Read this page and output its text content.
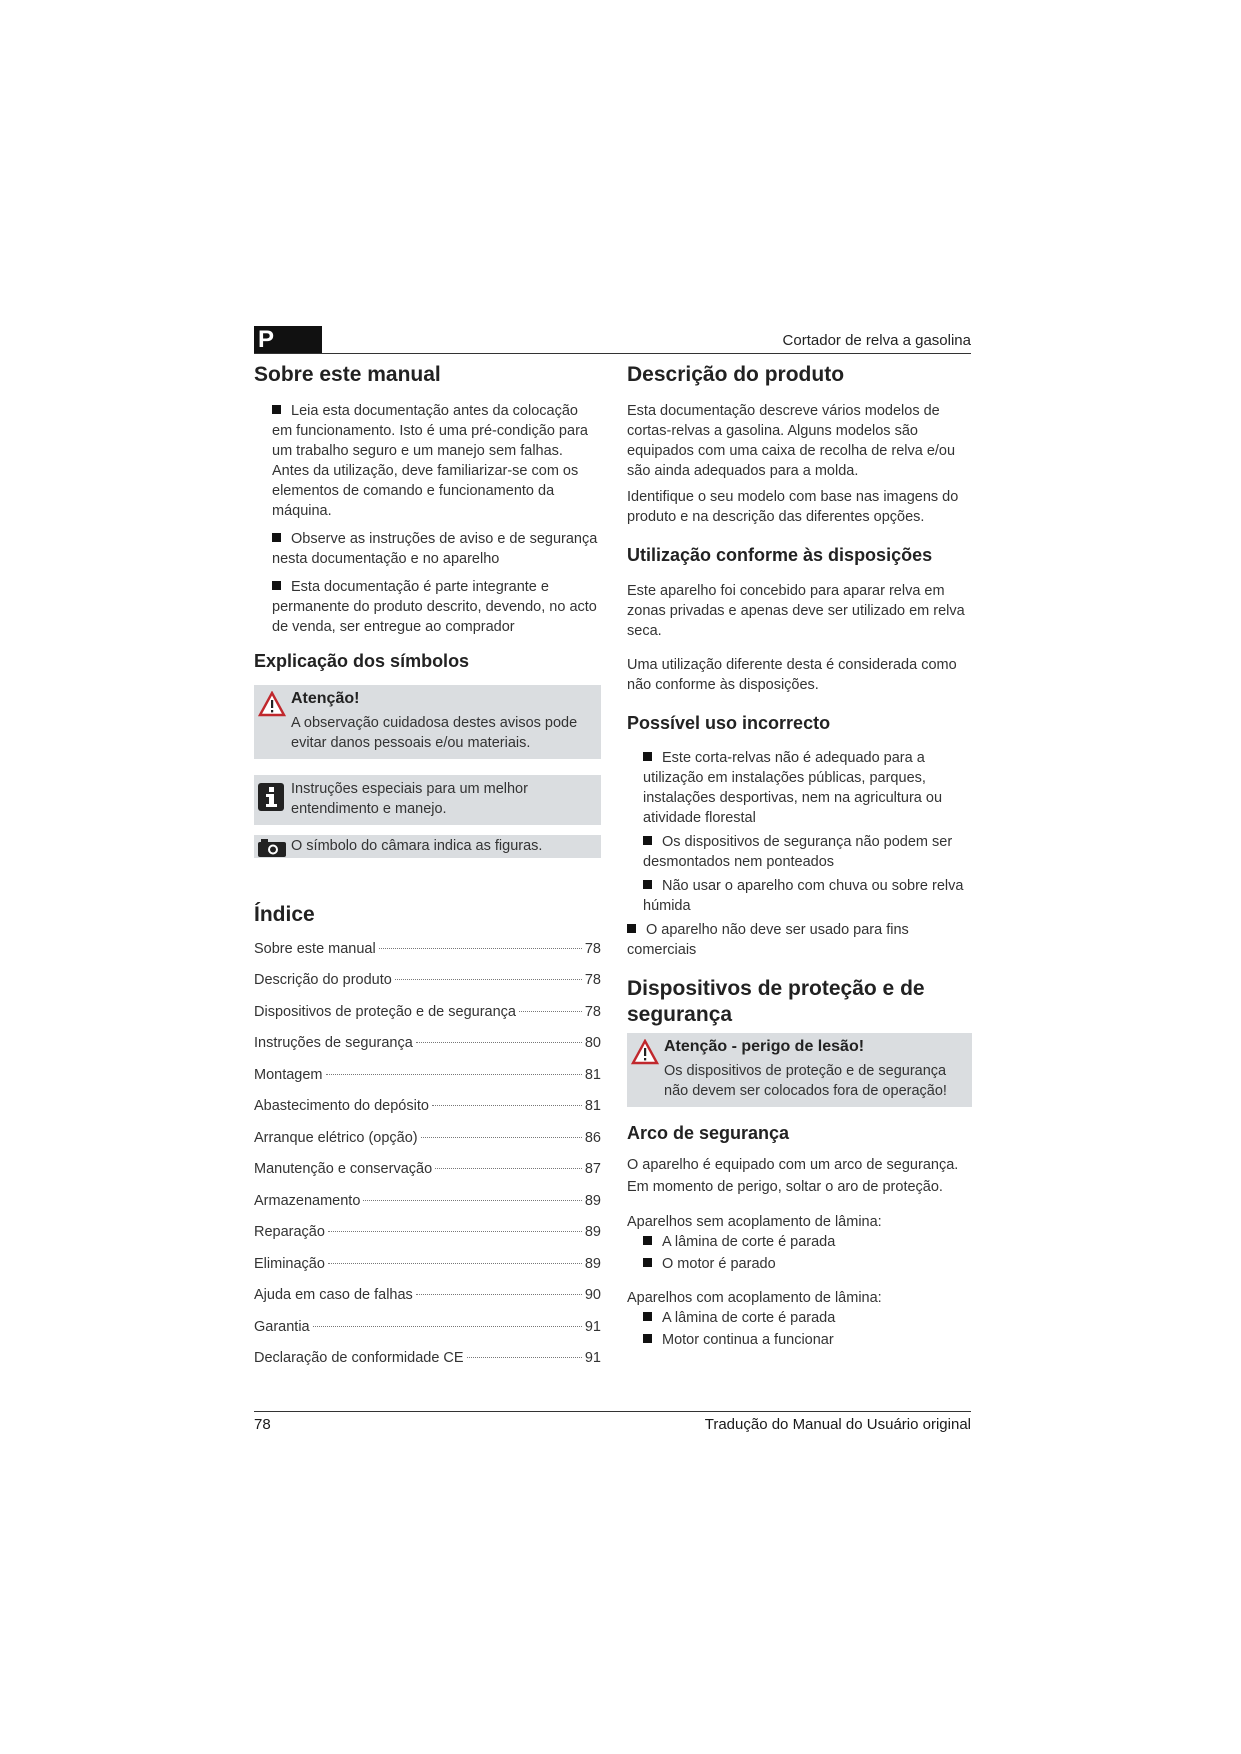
P	Cortador de relva a gasolina
Sobre este manual
Leia esta documentação antes da colocação em funcionamento. Isto é uma pré-condição para um trabalho seguro e um manejo sem falhas. Antes da utilização, deve familiarizar-se com os elementos de comando e funcionamento da máquina.
Observe as instruções de aviso e de segurança nesta documentação e no aparelho
Esta documentação é parte integrante e permanente do produto descrito, devendo, no acto de venda, ser entregue ao comprador
Explicação dos símbolos
Atenção!
A observação cuidadosa destes avisos pode evitar danos pessoais e/ou materiais.
Instruções especiais para um melhor entendimento e manejo.
O símbolo do câmara indica as figuras.
Índice
Sobre este manual	78
Descrição do produto	78
Dispositivos de proteção e de segurança	78
Instruções de segurança	80
Montagem	81
Abastecimento do depósito	81
Arranque elétrico (opção)	86
Manutenção e conservação	87
Armazenamento	89
Reparação	89
Eliminação	89
Ajuda em caso de falhas	90
Garantia	91
Declaração de conformidade CE	91
Descrição do produto

Esta documentação descreve vários modelos de cortas-relvas a gasolina. Alguns modelos são equipados com uma caixa de recolha de relva e/ou são ainda adequados para a molda.

Identifique o seu modelo com base nas imagens do produto e na descrição das diferentes opções.

Utilização conforme às disposições

Este aparelho foi concebido para aparar relva em zonas privadas e apenas deve ser utilizado em relva seca.

Uma utilização diferente desta é considerada como não conforme às disposições.

Possível uso incorrecto
Este corta-relvas não é adequado para a utilização em instalações públicas, parques, instalações desportivas, nem na agricultura ou atividade florestal
Os dispositivos de segurança não podem ser desmontados nem ponteados
Não usar o aparelho com chuva ou sobre relva húmida
O aparelho não deve ser usado para fins comerciais
Dispositivos de proteção e de segurança
Atenção - perigo de lesão!
Os dispositivos de proteção e de segurança não devem ser colocados fora de operação!
Arco de segurança

O aparelho é equipado com um arco de segurança. Em momento de perigo, soltar o aro de proteção.

Aparelhos sem acoplamento de lâmina:

A lâmina de corte é parada
O motor é parado

Aparelhos com acoplamento de lâmina:

A lâmina de corte é parada
Motor continua a funcionar
78	Tradução do Manual do Usuário original
